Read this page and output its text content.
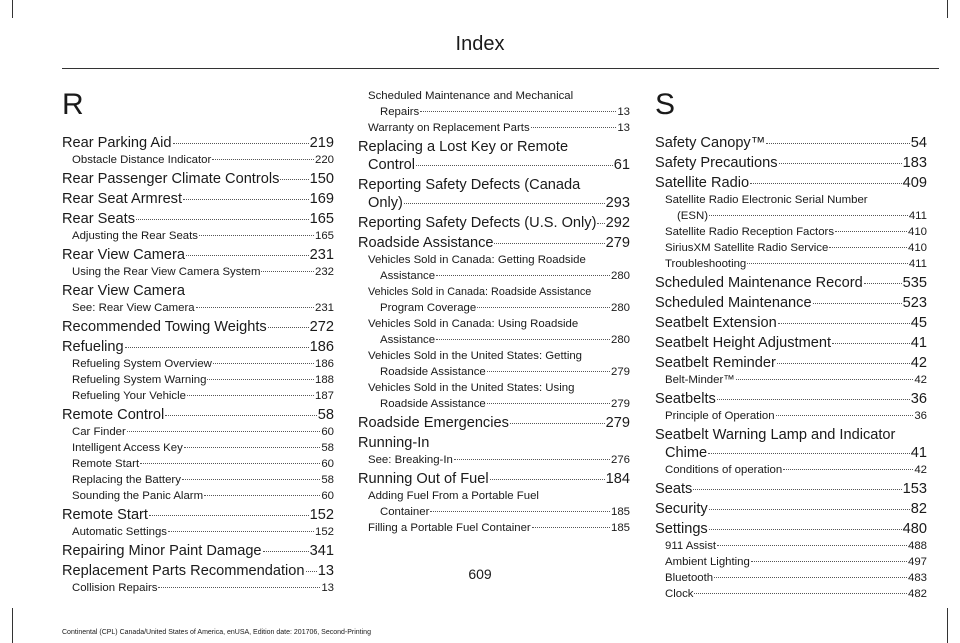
Index
R
Rear Parking Aid	219
Obstacle Distance Indicator	220
Rear Passenger Climate Controls 150
Rear Seat Armrest	169
Rear Seats	165
Adjusting the Rear Seats	165
Rear View Camera	231
Using the Rear View Camera System	232
Rear View Camera
See: Rear View Camera	231
Recommended Towing Weights	272
Refueling	186
Refueling System Overview	186
Refueling System Warning	188
Refueling Your Vehicle	187
Remote Control	58
Car Finder	60
Intelligent Access Key	58
Remote Start	60
Replacing the Battery	58
Sounding the Panic Alarm	60
Remote Start	152
Automatic Settings	152
Repairing Minor Paint Damage	341
Replacement Parts Recommendation 13
Collision Repairs	13
Scheduled Maintenance and Mechanical
Repairs	13
Warranty on Replacement Parts	13
Replacing a Lost Key or Remote
Control	61
Reporting Safety Defects (Canada
Only)	293
Reporting Safety Defects (U.S. Only) 292
Roadside Assistance	279
Vehicles Sold in Canada: Getting Roadside
Assistance	280
Vehicles Sold in Canada: Roadside Assistance
Program Coverage	280
Vehicles Sold in Canada: Using Roadside
Assistance	280
Vehicles Sold in the United States: Getting
Roadside Assistance	279
Vehicles Sold in the United States: Using
Roadside Assistance	279
Roadside Emergencies	279
Running-In
See: Breaking-In	276
Running Out of Fuel	184
Adding Fuel From a Portable Fuel
Container	185
Filling a Portable Fuel Container	185
S
Safety Canopy™	54
Safety Precautions	183
Satellite Radio	409
Satellite Radio Electronic Serial Number
(ESN)	411
Satellite Radio Reception Factors	410
SiriusXM Satellite Radio Service	410
Troubleshooting	411
Scheduled Maintenance Record	535
Scheduled Maintenance	523
Seatbelt Extension	45
Seatbelt Height Adjustment	41
Seatbelt Reminder	42
Belt-Minder™	42
Seatbelts	36
Principle of Operation	36
Seatbelt Warning Lamp and Indicator
Chime	41
Conditions of operation	42
Seats	153
Security	82
Settings	480
911 Assist	488
Ambient Lighting	497
Bluetooth	483
Clock	482
609
Continental (CPL) Canada/United States of America, enUSA, Edition date: 201706, Second-Printing
